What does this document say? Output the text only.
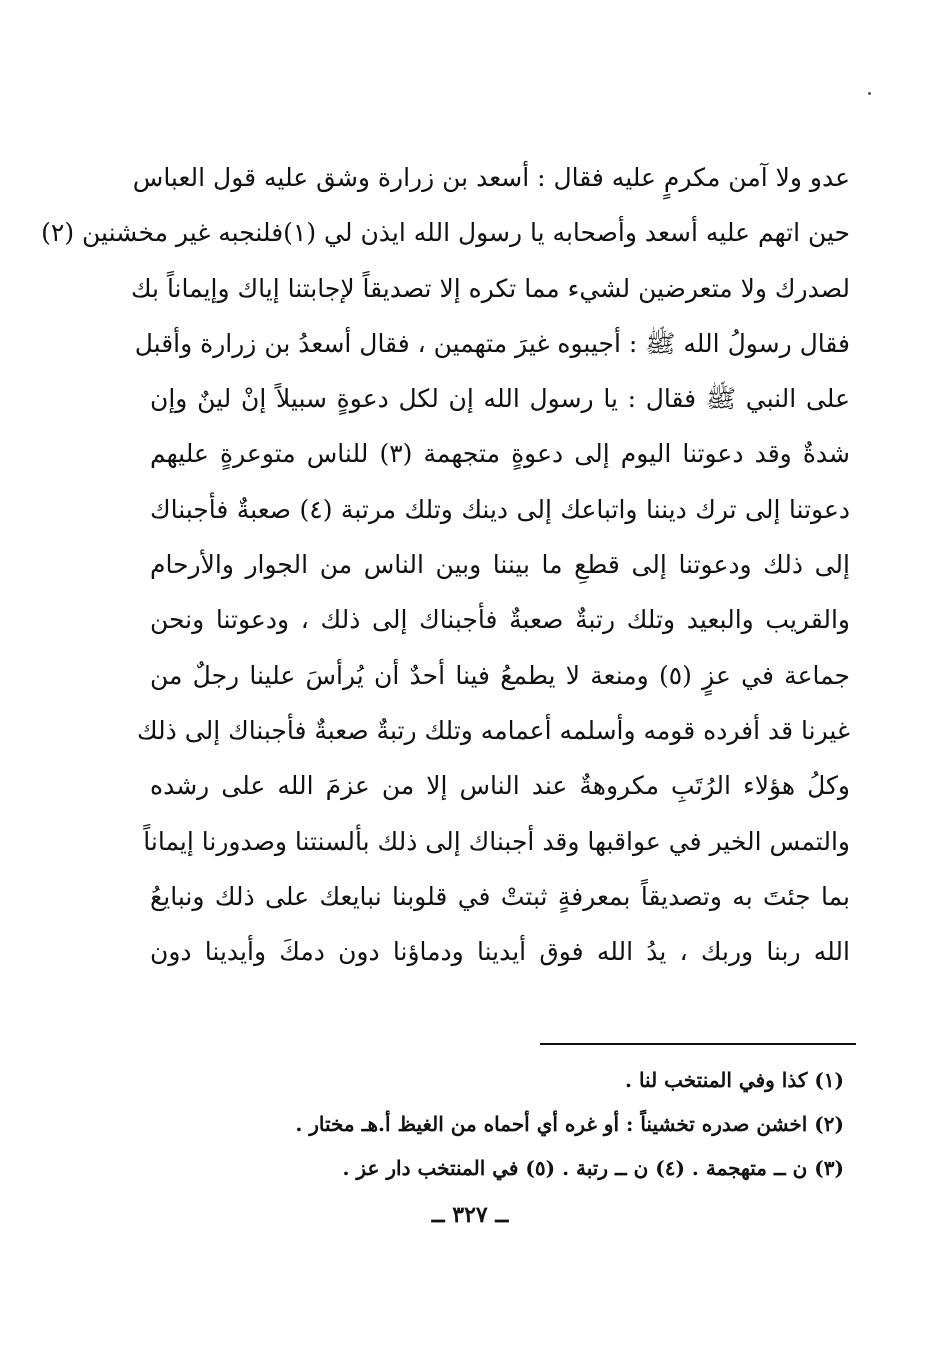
عدو ولا آمن مكرمٍ عليه فقال : أسعد بن زرارة وشق عليه قول العباس
حين اتهم عليه أسعد وأصحابه يا رسول الله ايذن لي (١)فلنجبه غير مخشنين (٢)
لصدرك ولا متعرضين لشيء مما تكره إلا تصديقاً لإجابتنا إياك وإيماناً بك
فقال رسولُ الله ﷺ : أجيبوه غيرَ متهمين ، فقال أسعدُ بن زرارة وأقبل
على النبي ﷺ فقال : يا رسول الله إن لكل دعوةٍ سبيلاً إنْ لينٌ وإن
شدةٌ وقد دعوتنا اليوم إلى دعوةٍ متجهمة (٣) للناس متوعرةٍ عليهم
دعوتنا إلى ترك ديننا واتباعك إلى دينك وتلك مرتبة (٤) صعبةٌ فأجبناك
إلى ذلك ودعوتنا إلى قطعِ ما بيننا وبين الناس من الجوار والأرحام
والقريب والبعيد وتلك رتبةٌ صعبةٌ فأجبناك إلى ذلك ، ودعوتنا ونحن
جماعة في عزٍ (٥) ومنعة لا يطمعُ فينا أحدٌ أن يُرأسَ علينا رجلٌ من
غيرنا قد أفرده قومه وأسلمه أعمامه وتلك رتبةٌ صعبةٌ فأجبناك إلى ذلك
وكلُ هؤلاء الرُتَبِ مكروهةٌ عند الناس إلا من عزمَ الله على رشده
والتمس الخير في عواقبها وقد أجبناك إلى ذلك بألسنتنا وصدورنا إيماناً
بما جئتَ به وتصديقاً بمعرفةٍ ثبتتْ في قلوبنا نبايعك على ذلك ونبايعُ
الله ربنا وربك ، يدُ الله فوق أيدينا ودماؤنا دون دمكَ وأيدينا دون
(١) كذا وفي المنتخب لنا .
(٢) اخشن صدره تخشيناً : أو غره أي أحماه من الغيظ أ.هـ مختار .
(٣) ن ــ متهجمة . (٤) ن ــ رتبة . (٥) في المنتخب دار عز .
ــ ٣٢٧ ــ
